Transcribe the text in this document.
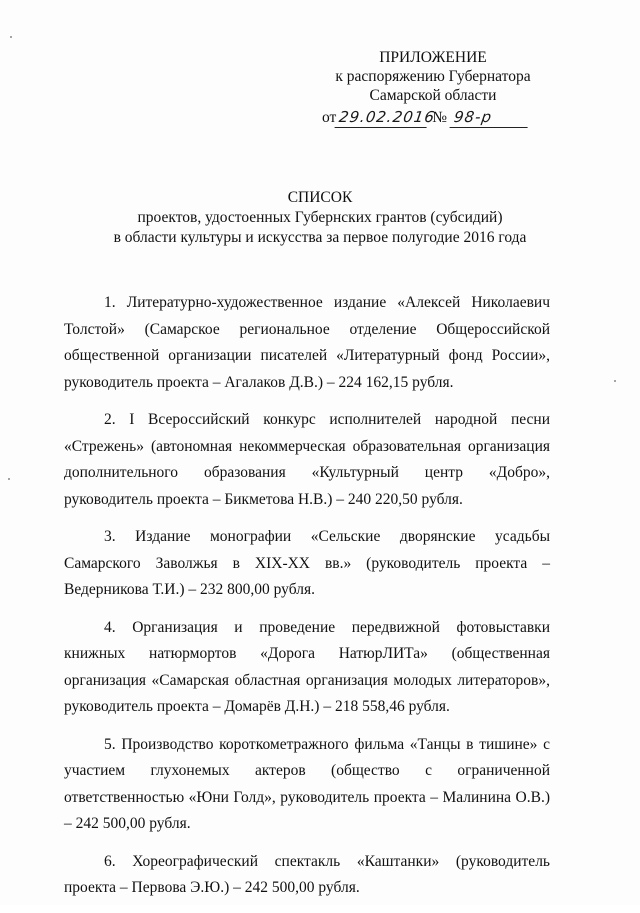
ПРИЛОЖЕНИЕ
к распоряжению Губернатора
Самарской области
от 29.02.2016 № 98-р
СПИСОК
проектов, удостоенных Губернских грантов (субсидий)
в области культуры и искусства за первое полугодие 2016 года

1. Литературно-художественное издание «Алексей Николаевич Толстой» (Самарское региональное отделение Общероссийской общественной организации писателей «Литературный фонд России», руководитель проекта – Агалаков Д.В.) – 224 162,15 рубля.

2. I Всероссийский конкурс исполнителей народной песни «Стрежень» (автономная некоммерческая образовательная организация дополнительного образования «Культурный центр «Добро», руководитель проекта – Бикметова Н.В.) – 240 220,50 рубля.

3. Издание монографии «Сельские дворянские усадьбы Самарского Заволжья в XIX-XX вв.» (руководитель проекта – Ведерникова Т.И.) – 232 800,00 рубля.

4. Организация и проведение передвижной фотовыставки книжных натюрмортов «Дорога НатюрЛИТа» (общественная организация «Самарская областная организация молодых литераторов», руководитель проекта – Домарёв Д.Н.) – 218 558,46 рубля.

5. Производство короткометражного фильма «Танцы в тишине» с участием глухонемых актеров (общество с ограниченной ответственностью «Юни Голд», руководитель проекта – Малинина О.В.) – 242 500,00 рубля.

6. Хореографический спектакль «Каштанки» (руководитель проекта – Первова Э.Ю.) – 242 500,00 рубля.
